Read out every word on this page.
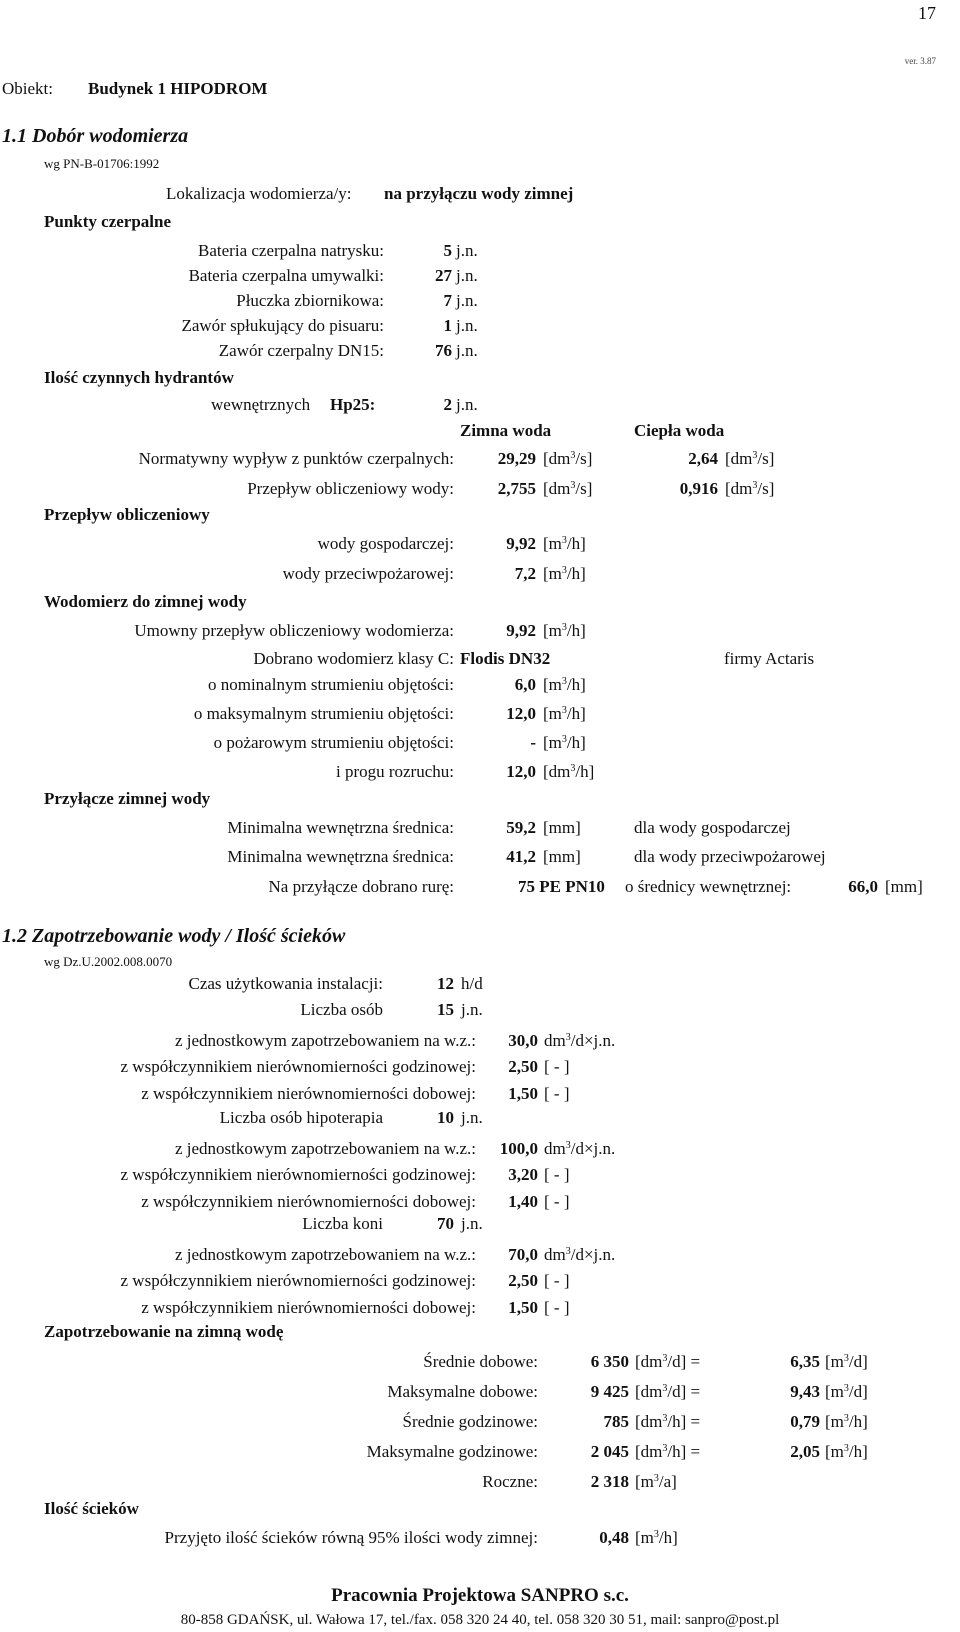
17
ver. 3.87
Obiekt: Budynek 1 HIPODROM
1.1 Dobór wodomierza
wg PN-B-01706:1992
Lokalizacja wodomierza/y: na przyłączu wody zimnej
Punkty czerpalne
Bateria czerpalna natrysku:	5 j.n.
Bateria czerpalna umywalki:	27 j.n.
Płuczka zbiornikowa:	7 j.n.
Zawór spłukujący do pisuaru:	1 j.n.
Zawór czerpalny DN15:	76 j.n.
Ilość czynnych hydrantów
wewnętrznych Hp25:	2 j.n.
Zimna woda	Ciepła woda
Normatywny wypływ z punktów czerpalnych:	29,29 $[dm^3/s]$	2,64 $[dm^3/s]$
Przepływ obliczeniowy wody:	2,755 $[dm^3/s]$	0,916 $[dm^3/s]$
Przepływ obliczeniowy
wody gospodarczej:	9,92 $[m^3/h]$
wody przeciwpożarowej:	7,2 $[m^3/h]$
Wodomierz do zimnej wody
Umowny przepływ obliczeniowy wodomierza:	9,92 $[m^3/h]$
Dobrano wodomierz klasy C: Flodis DN32	firmy Actaris
o nominalnym strumieniu objętości:	6,0 $[m^3/h]$
o maksymalnym strumieniu objętości:	12,0 $[m^3/h]$
o pożarowym strumieniu objętości:	- $[m^3/h]$
i progu rozruchu:	12,0 $[dm^3/h]$
Przyłącze zimnej wody
Minimalna wewnętrzna średnica:	59,2 [mm]	dla wody gospodarczej
Minimalna wewnętrzna średnica:	41,2 [mm]	dla wody przeciwpożarowej
Na przyłącze dobrano rurę:	75 PE PN10 o średnicy wewnętrznej:	66,0 [mm]
1.2 Zapotrzebowanie wody / Ilość ścieków
wg Dz.U.2002.008.0070
Czas użytkowania instalacji:	12 h/d
Liczba osób	15 j.n.
z jednostkowym zapotrzebowaniem na w.z.:	30,0 $dm^3/d\times j.n$.
z współczynnikiem nierównomierności godzinowej:	2,50 [ - ]
z współczynnikiem nierównomierności dobowej:	1,50 [ - ]
Liczba osób hipoterapia	10 j.n.
z jednostkowym zapotrzebowaniem na w.z.:	100,0 $dm^3/d\times j.n$.
z współczynnikiem nierównomierności godzinowej:	3,20 [ - ]
z współczynnikiem nierównomierności dobowej:	1,40 [ - ]
Liczba koni	70 j.n.
z jednostkowym zapotrzebowaniem na w.z.:	70,0 $dm^3/d\times j.n$.
z współczynnikiem nierównomierności godzinowej:	2,50 [ - ]
z współczynnikiem nierównomierności dobowej:	1,50 [ - ]
Zapotrzebowanie na zimną wodę
Średnie dobowe:	6 350 $[dm^3/d]$ =	6,35 $[m^3/d]$
Maksymalne dobowe:	9 425 $[dm^3/d]$ =	9,43 $[m^3/d]$
Średnie godzinowe:	785 $[dm^3/h]$ =	0,79 $[m^3/h]$
Maksymalne godzinowe:	2 045 $[dm^3/h]$ =	2,05 $[m^3/h]$
Roczne:	2 318 $[m^3/a]$
Ilość ścieków
Przyjęto ilość ścieków równą 95% ilości wody zimnej:	0,48 $[m^3/h]$
Pracownia Projektowa SANPRO s.c.
80-858 GDAŃSK, ul. Wałowa 17, tel./fax. 058 320 24 40, tel. 058 320 30 51, mail: sanpro@post.pl
